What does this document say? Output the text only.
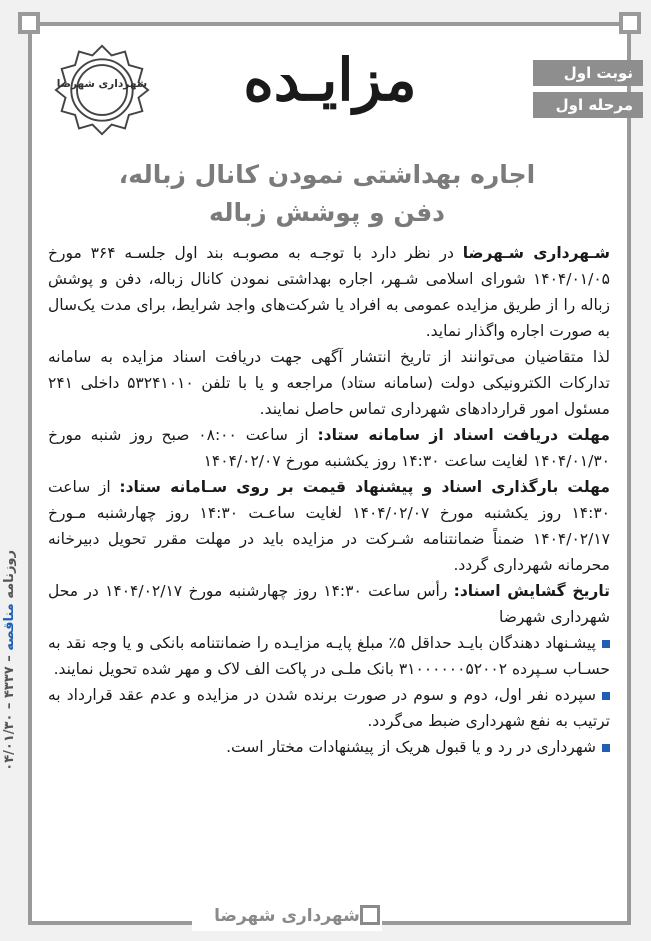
نوبت اول
مرحله اول
شهرداری شهرضا	مزایـده
اجاره بهداشتی نمودن کانال زباله،
دفن و پوشش زباله

شـهرداری شـهرضا در نظر دارد با توجـه به مصوبـه بند اول جلسـه ۳۶۴ مورخ ۱۴۰۴/۰۱/۰۵ شورای اسلامی شـهر، اجاره بهداشتی نمودن کانال زباله، دفن و پوشش زباله را از طریق مزایده عمومی به افراد یا شرکت‌های واجد شرایط، برای مدت یک‌سال به صورت اجاره واگذار نماید.

لذا متقاضیان می‌توانند از تاریخ انتشار آگهی جهت دریافت اسناد مزایده به سامانه تدارکات الکترونیکی دولت (سامانه ستاد) مراجعه و یا با تلفن ۵۳۲۴۱۰۱۰ داخلی ۲۴۱ مسئول امور قراردادهای شهرداری تماس حاصل نمایند.

مهلت دریافت اسناد از سامانه ستاد: از ساعت ۰۸:۰۰ صبح روز شنبه مورخ ۱۴۰۴/۰۱/۳۰ لغایت ساعت ۱۴:۳۰ روز یکشنبه مورخ ۱۴۰۴/۰۲/۰۷

مهلت بارگذاری اسناد و پیشنهاد قیمت بر روی سـامانه ستاد: از ساعت ۱۴:۳۰ روز یکشنبه مورخ ۱۴۰۴/۰۲/۰۷ لغایت ساعـت ۱۴:۳۰ روز چهارشنبه مـورخ ۱۴۰۴/۰۲/۱۷ ضمناً ضمانتنامه شـرکت در مزایده باید در مهلت مقرر تحویل دبیرخانه محرمانه شهرداری گردد.

تاریخ گشایش اسناد: رأس ساعت ۱۴:۳۰ روز چهارشنبه مورخ ۱۴۰۴/۰۲/۱۷ در محل شهرداری شهرضا

پیشـنهاد دهندگان بایـد حداقل ۵٪ مبلغ پایـه مزایـده را ضمانتنامه بانکی و یا وجه نقد به حسـاب سـپرده ۳۱۰۰۰۰۰۰۵۲۰۰۲ بانک ملـی در پاکت الف لاک و مهر شده تحویل نمایند.

سپرده نفر اول، دوم و سوم در صورت برنده شدن در مزایده و عدم عقد قرارداد به ترتیب به نفع شهرداری ضبط می‌گردد.

شهرداری در رد و یا قبول هریک از پیشنهادات مختار است.

روزنامه مناقصه – ۴۳۳۷ – ۰۴/۰۱/۳۰
شهرداری شهرضا
